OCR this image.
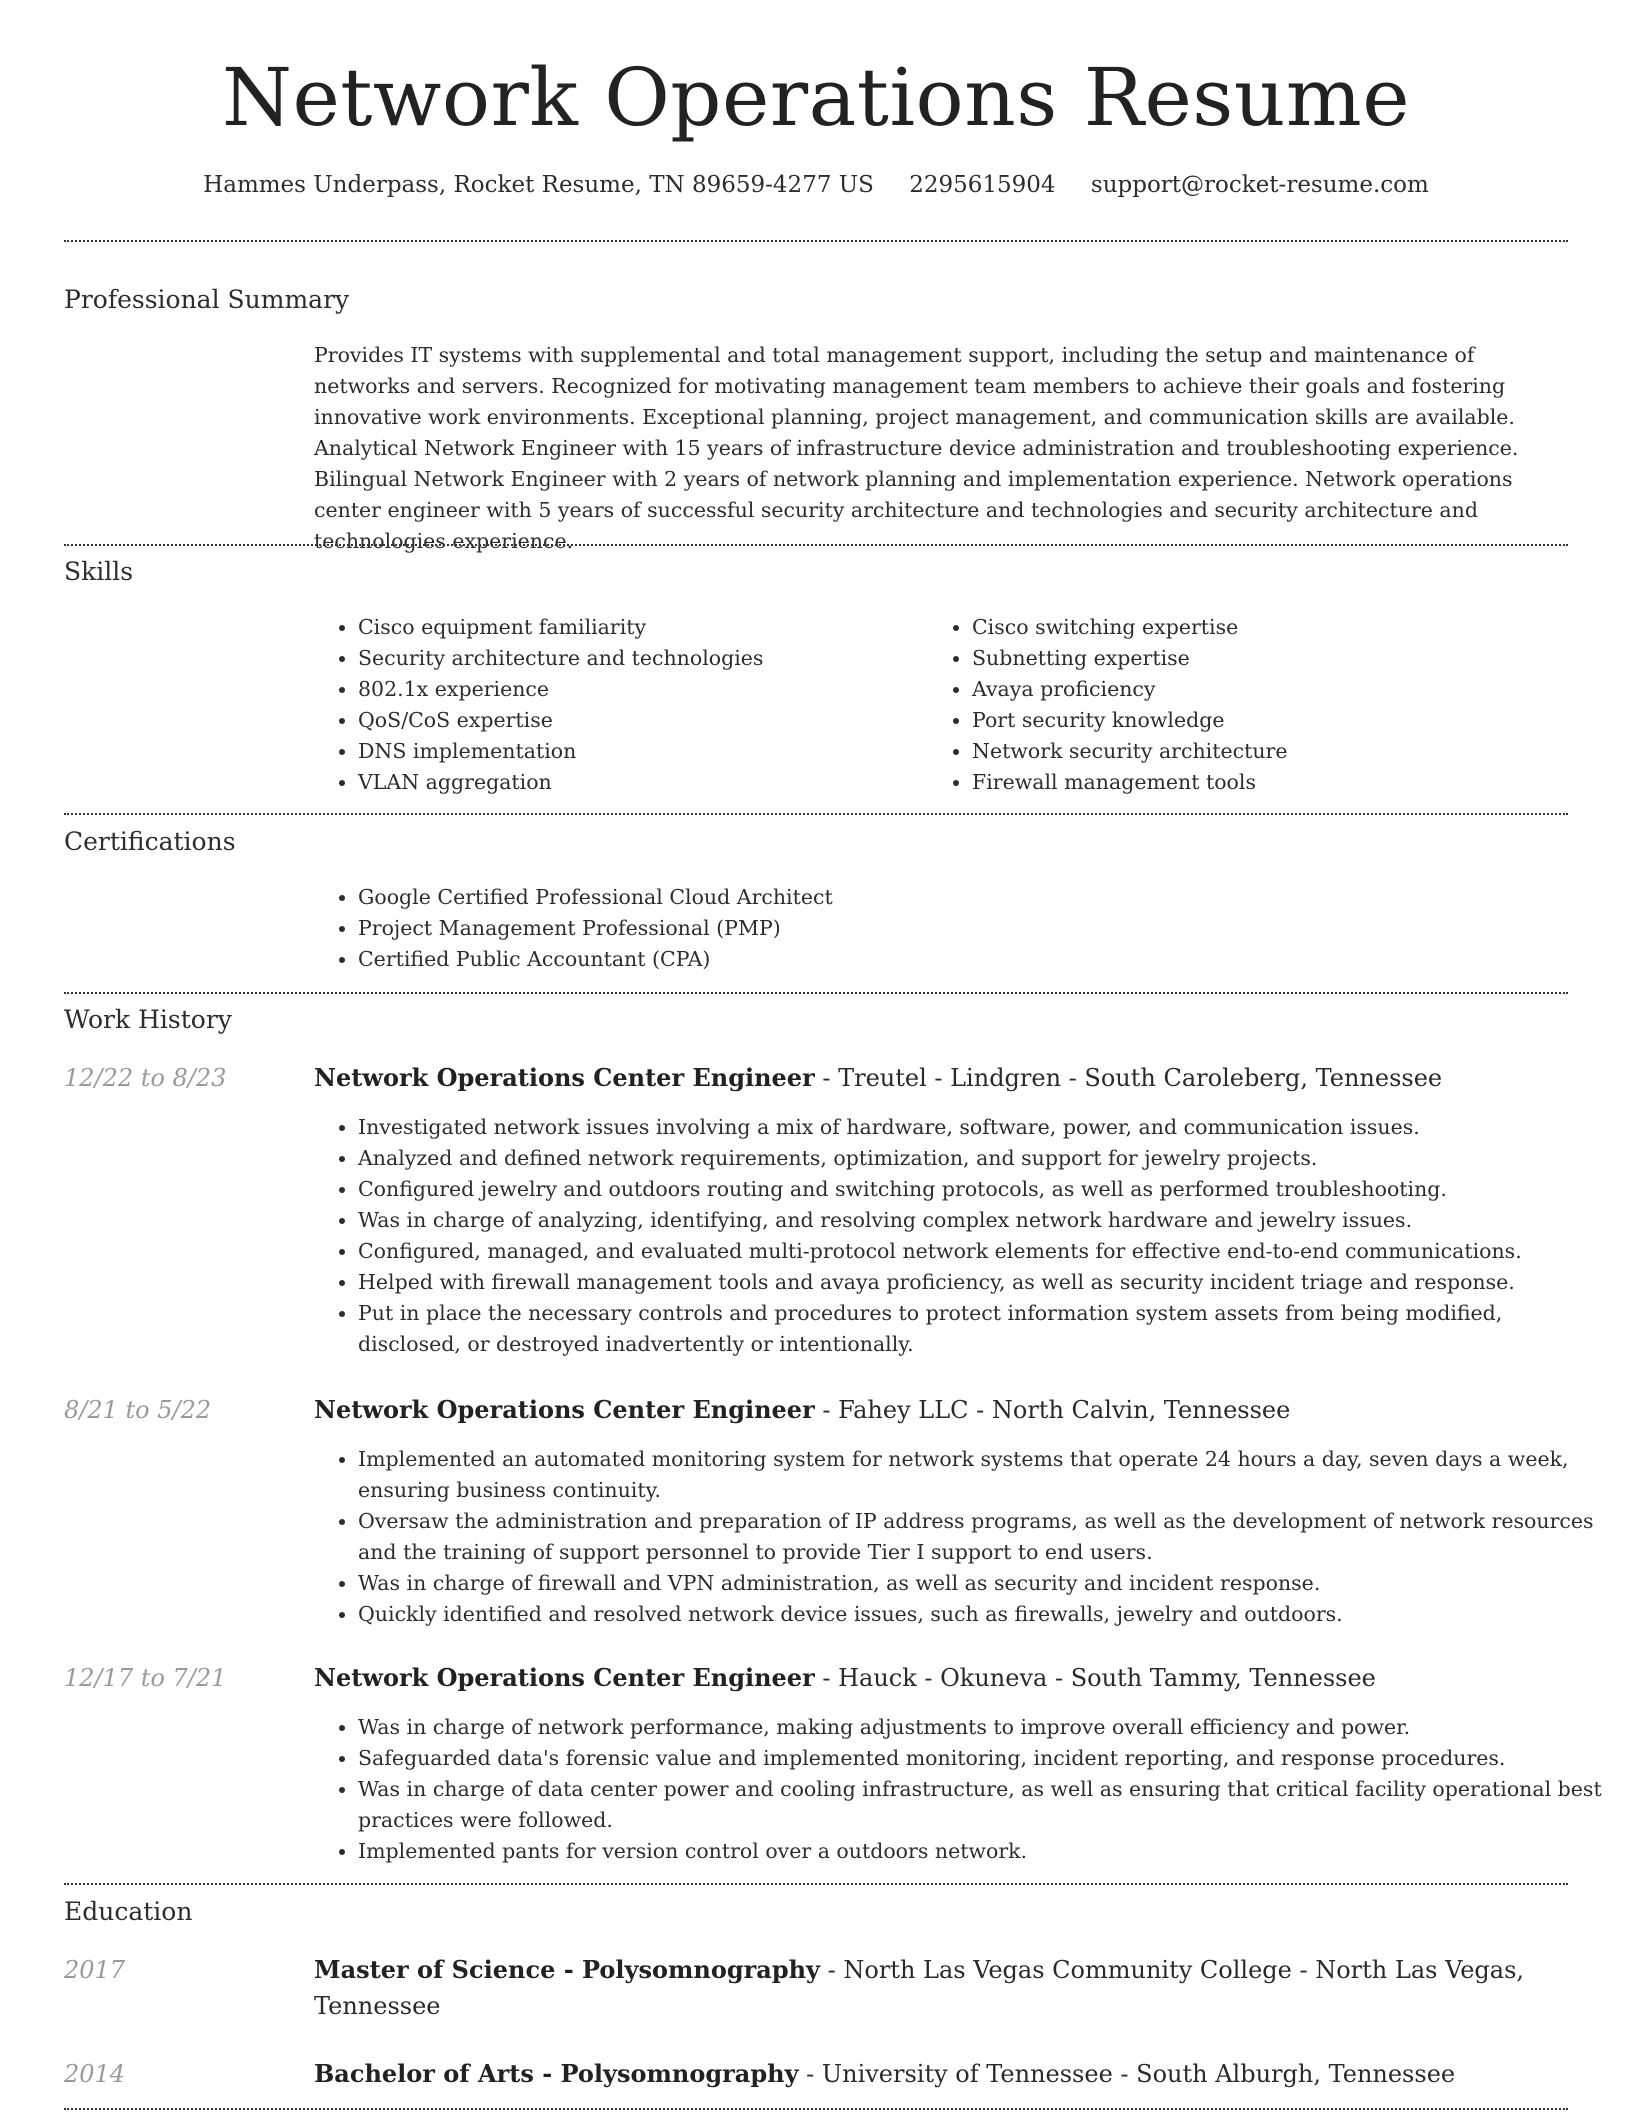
Network Operations Resume
Hammes Underpass, Rocket Resume, TN 89659-4277 US 2295615904 support@rocket-resume.com
Professional Summary

Provides IT systems with supplemental and total management support, including the setup and maintenance of networks and servers. Recognized for motivating management team members to achieve their goals and fostering innovative work environments. Exceptional planning, project management, and communication skills are available. Analytical Network Engineer with 15 years of infrastructure device administration and troubleshooting experience. Bilingual Network Engineer with 2 years of network planning and implementation experience. Network operations center engineer with 5 years of successful security architecture and technologies and security architecture and technologies experience.

Skills
• Cisco equipment familiarity
• Security architecture and technologies
• 802.1x experience
• QoS/CoS expertise
• DNS implementation
• VLAN aggregation
• Cisco switching expertise
• Subnetting expertise
• Avaya proficiency
• Port security knowledge
• Network security architecture
• Firewall management tools
Certifications
• Google Certified Professional Cloud Architect
• Project Management Professional (PMP)
• Certified Public Accountant (CPA)
Work History
12/22 to 8/23	Network Operations Center Engineer - Treutel - Lindgren - South Caroleberg, Tennessee
• Investigated network issues involving a mix of hardware, software, power, and communication issues.
• Analyzed and defined network requirements, optimization, and support for jewelry projects.
• Configured jewelry and outdoors routing and switching protocols, as well as performed troubleshooting.
• Was in charge of analyzing, identifying, and resolving complex network hardware and jewelry issues.
• Configured, managed, and evaluated multi-protocol network elements for effective end-to-end communications.
• Helped with firewall management tools and avaya proficiency, as well as security incident triage and response.
• Put in place the necessary controls and procedures to protect information system assets from being modified, disclosed, or destroyed inadvertently or intentionally.
8/21 to 5/22	Network Operations Center Engineer - Fahey LLC - North Calvin, Tennessee
• Implemented an automated monitoring system for network systems that operate 24 hours a day, seven days a week, ensuring business continuity.
• Oversaw the administration and preparation of IP address programs, as well as the development of network resources and the training of support personnel to provide Tier I support to end users.
• Was in charge of firewall and VPN administration, as well as security and incident response.
• Quickly identified and resolved network device issues, such as firewalls, jewelry and outdoors.
12/17 to 7/21	Network Operations Center Engineer - Hauck - Okuneva - South Tammy, Tennessee
• Was in charge of network performance, making adjustments to improve overall efficiency and power.
• Safeguarded data's forensic value and implemented monitoring, incident reporting, and response procedures.
• Was in charge of data center power and cooling infrastructure, as well as ensuring that critical facility operational best practices were followed.
• Implemented pants for version control over a outdoors network.
Education
2017	Master of Science - Polysomnography - North Las Vegas Community College - North Las Vegas, Tennessee
2014	Bachelor of Arts - Polysomnography - University of Tennessee - South Alburgh, Tennessee
